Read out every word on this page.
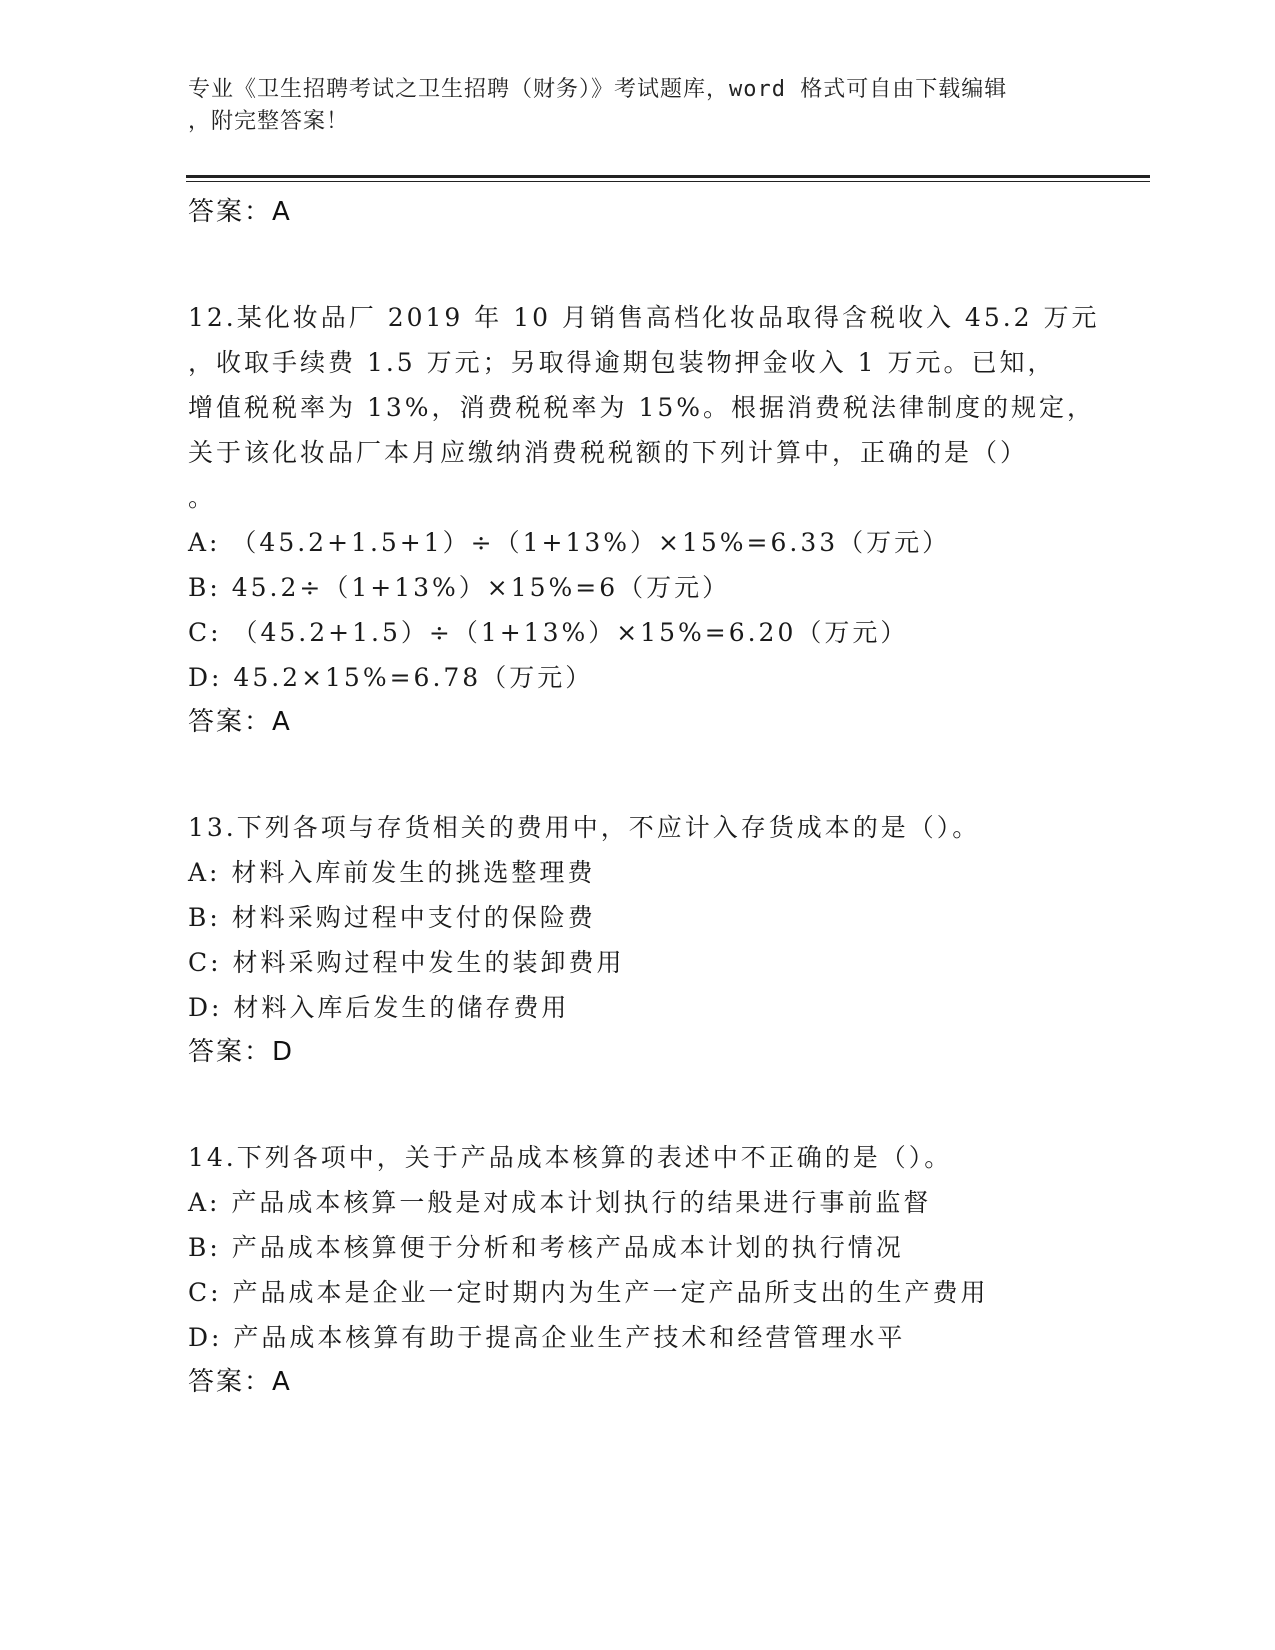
专业《卫生招聘考试之卫生招聘（财务）》考试题库，word 格式可自由下载编辑
，附完整答案！
答案：A
12.某化妆品厂 2019 年 10 月销售高档化妆品取得含税收入 45.2 万元
，收取手续费 1.5 万元；另取得逾期包装物押金收入 1 万元。已知，
增值税税率为 13%，消费税税率为 15%。根据消费税法律制度的规定，
关于该化妆品厂本月应缴纳消费税税额的下列计算中，正确的是（）
。
A: （45.2+1.5+1）÷（1+13%）×15%=6.33（万元）
B: 45.2÷（1+13%）×15%=6（万元）
C: （45.2+1.5）÷（1+13%）×15%=6.20（万元）
D: 45.2×15%=6.78（万元）
答案：A
13.下列各项与存货相关的费用中，不应计入存货成本的是（）。
A: 材料入库前发生的挑选整理费
B: 材料采购过程中支付的保险费
C: 材料采购过程中发生的装卸费用
D: 材料入库后发生的储存费用
答案：D
14.下列各项中，关于产品成本核算的表述中不正确的是（）。
A: 产品成本核算一般是对成本计划执行的结果进行事前监督
B: 产品成本核算便于分析和考核产品成本计划的执行情况
C: 产品成本是企业一定时期内为生产一定产品所支出的生产费用
D: 产品成本核算有助于提高企业生产技术和经营管理水平
答案：A
